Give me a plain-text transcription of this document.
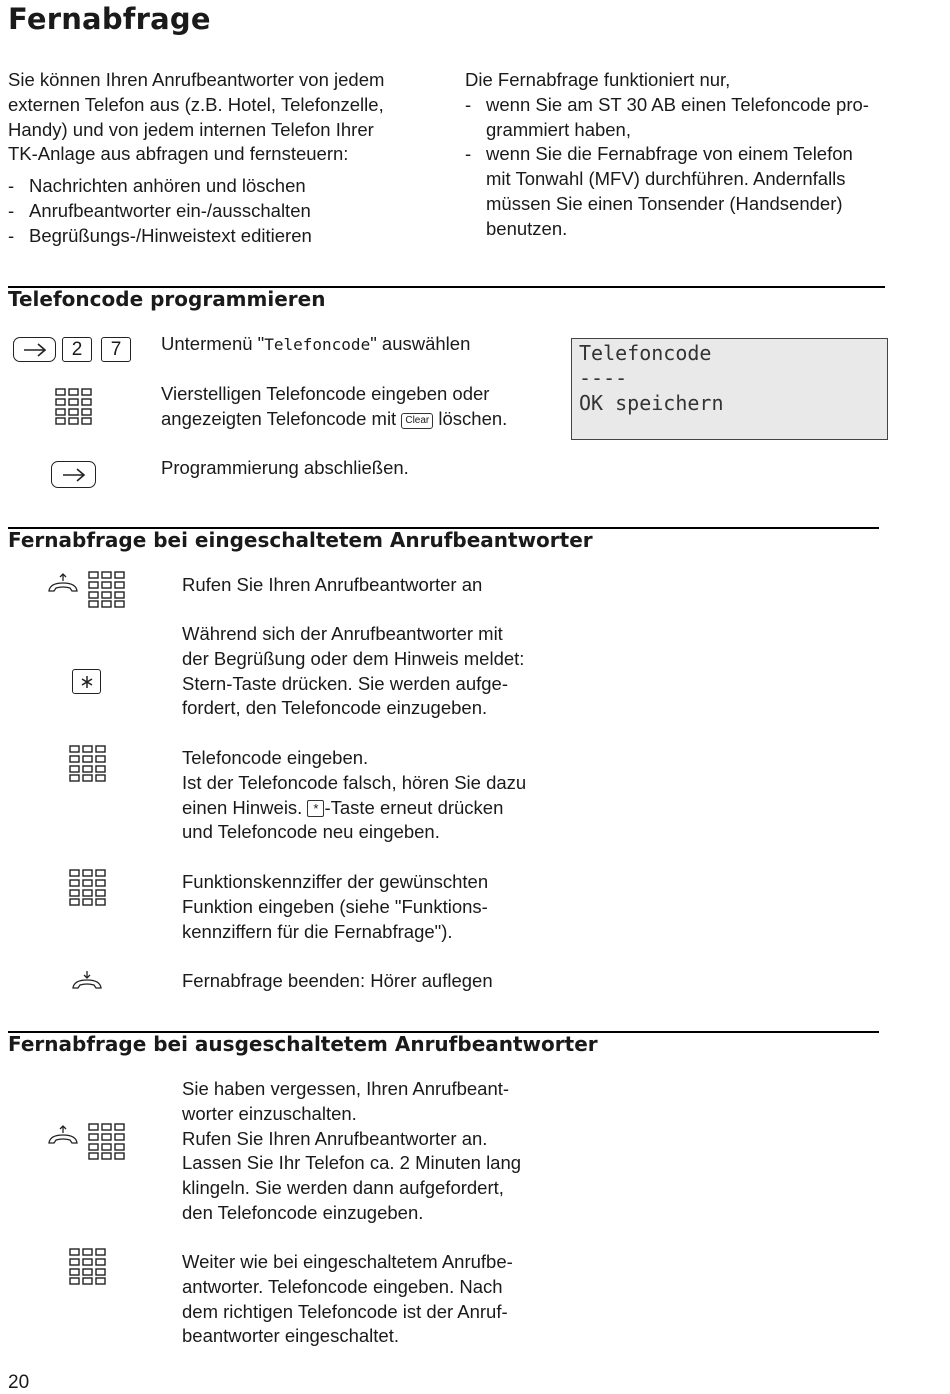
Fernabfrage
Sie können Ihren Anrufbeantworter von jedem
externen Telefon aus (z.B. Hotel, Telefonzelle,
Handy) und von jedem internen Telefon Ihrer
TK-Anlage aus abfragen und fernsteuern:
- Nachrichten anhören und löschen
- Anrufbeantworter ein-/ausschalten
- Begrüßungs-/Hinweistext editieren
Die Fernabfrage funktioniert nur,
- wenn Sie am ST 30 AB einen Telefoncode pro-
grammiert haben,
- wenn Sie die Fernabfrage von einem Telefon
mit Tonwahl (MFV) durchführen. Andernfalls
müssen Sie einen Tonsender (Handsender)
benutzen.
Telefoncode programmieren
2	7	Untermenü "Telefoncode" auswählen
Vierstelligen Telefoncode eingeben oder
angezeigten Telefoncode mit Clear löschen.
Programmierung abschließen.
Telefoncode
----
OK speichern
Fernabfrage bei eingeschaltetem Anrufbeantworter
Rufen Sie Ihren Anrufbeantworter an
Während sich der Anrufbeantworter mit
der Begrüßung oder dem Hinweis meldet:
Stern-Taste drücken. Sie werden aufge-
fordert, den Telefoncode einzugeben.
Telefoncode eingeben.
Ist der Telefoncode falsch, hören Sie dazu
einen Hinweis. * -Taste erneut drücken
und Telefoncode neu eingeben.
Funktionskennziffer der gewünschten
Funktion eingeben (siehe "Funktions-
kennziffern für die Fernabfrage").
Fernabfrage beenden: Hörer auflegen
Fernabfrage bei ausgeschaltetem Anrufbeantworter
Sie haben vergessen, Ihren Anrufbeant-
worter einzuschalten.
Rufen Sie Ihren Anrufbeantworter an.
Lassen Sie Ihr Telefon ca. 2 Minuten lang
klingeln. Sie werden dann aufgefordert,
den Telefoncode einzugeben.
Weiter wie bei eingeschaltetem Anrufbe-
antworter. Telefoncode eingeben. Nach
dem richtigen Telefoncode ist der Anruf-
beantworter eingeschaltet.
20
